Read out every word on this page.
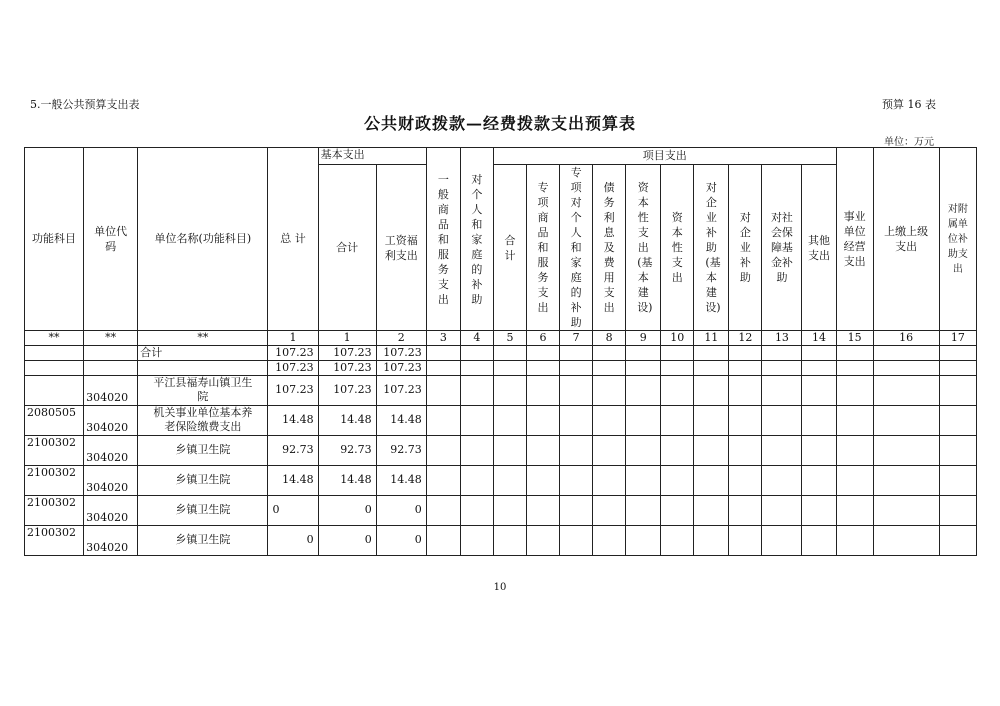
5.一般公共预算支出表	预算 16 表
公共财政拨款—经费拨款支出预算表
单位：万元
功能科目	单位代码	单位名称(功能科目)	总 计	基本支出		一般商品和服务支出	对个人和家庭的补助	项目支出										事业单位经营支出	上缴上级支出	对附属单位补助支出
				合计	工资福利支出			合计	专项商品和服务支出	专项对个人和家庭的补助	债务利息及费用支出	资本性支出(基本建设)	资本性支出	对企业补助(基本建设)	对企业补助	对社会保障基金补助	其他支出			
**	**	**	1	1	2	3	4	5	6	7	8	9	10	11	12	13	14	15	16	17
		合计	107.23	107.23	107.23															
			107.23	107.23	107.23															
	304020	平江县福寿山镇卫生院	107.23	107.23	107.23															
2080505	304020	机关事业单位基本养老保险缴费支出	14.48	14.48	14.48															
2100302	304020	乡镇卫生院	92.73	92.73	92.73															
2100302	304020	乡镇卫生院	14.48	14.48	14.48															
2100302	304020	乡镇卫生院	0	0	0															
2100302	304020	乡镇卫生院	0	0	0															
10
